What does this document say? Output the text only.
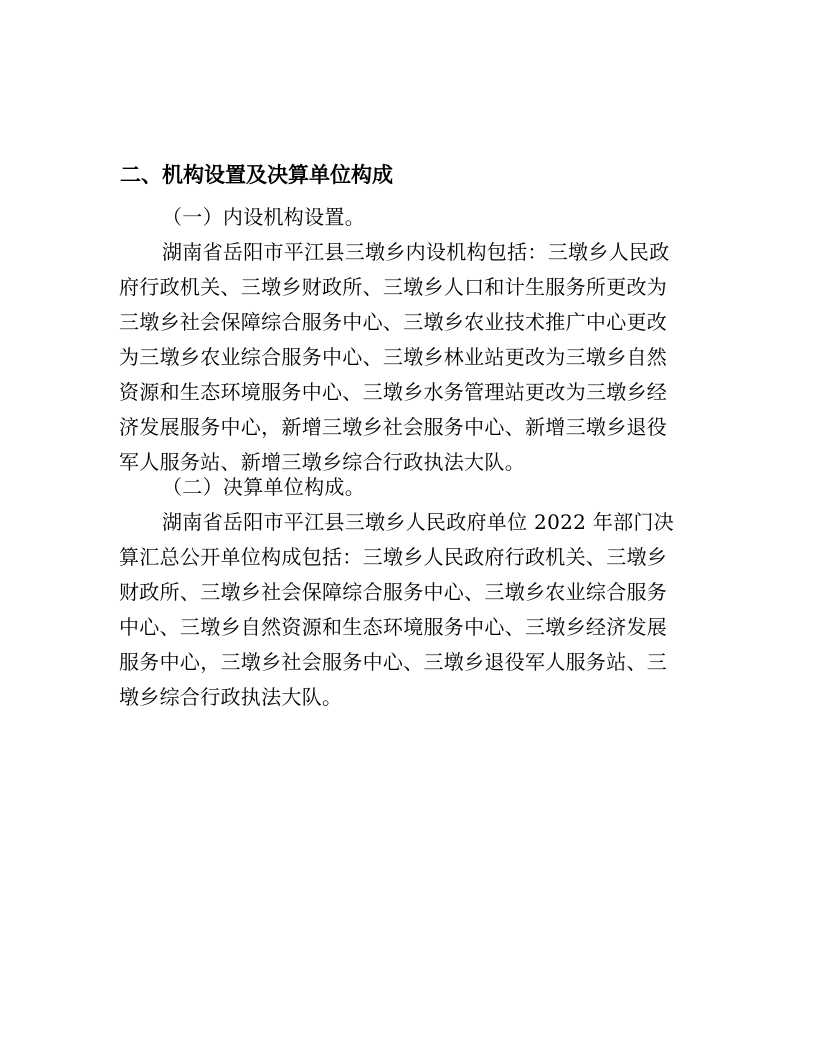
二、机构设置及决算单位构成
（一）内设机构设置。
湖南省岳阳市平江县三墩乡内设机构包括：三墩乡人民政
府行政机关、三墩乡财政所、三墩乡人口和计生服务所更改为
三墩乡社会保障综合服务中心、三墩乡农业技术推广中心更改
为三墩乡农业综合服务中心、三墩乡林业站更改为三墩乡自然
资源和生态环境服务中心、三墩乡水务管理站更改为三墩乡经
济发展服务中心，新增三墩乡社会服务中心、新增三墩乡退役
军人服务站、新增三墩乡综合行政执法大队。
（二）决算单位构成。
湖南省岳阳市平江县三墩乡人民政府单位 2022 年部门决
算汇总公开单位构成包括：三墩乡人民政府行政机关、三墩乡
财政所、三墩乡社会保障综合服务中心、三墩乡农业综合服务
中心、三墩乡自然资源和生态环境服务中心、三墩乡经济发展
服务中心，三墩乡社会服务中心、三墩乡退役军人服务站、三
墩乡综合行政执法大队。
